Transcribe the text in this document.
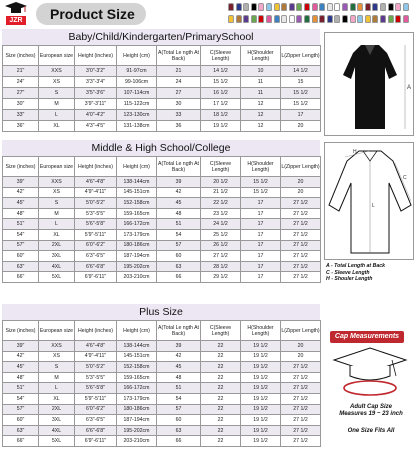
JZR Product Size
Baby/Child/Kindergarten/PrimarySchool
Size (inches)	European size	Height (inches)	Height (cm)	A(Total Le ngth At Back)	C(Sleeve Length)	H(Shoulder Length)	L(Zipper Length)
21"	XXS	3'0"-3'2"	91-97cm	21	14 1/2	10	14 1/2
24"	XS	3'3"-3'4"	99-106cm	24	15 1/2	11	15
27"	S	3'5"-3'6"	107-114cm	27	16 1/2	11	15 1/2
30"	M	3'9"-3'11"	115-122cm	30	17 1/2	12	15 1/2
33"	L	4'0"-4'2"	123-130cm	33	18 1/2	12	17
36"	XL	4'3"-4'5"	131-138cm	36	19 1/2	12	20
Middle & High School/College
Size (inches)	European size	Height (inches)	Height (cm)	A(Total Le ngth At Back)	C(Sleeve Length)	H(Shoulder Length)	L(Zipper Length)
39"	XXS	4'6"-4'8"	138-144cm	39	20 1/2	15 1/2	20
42"	XS	4'9"-4'11"	145-151cm	42	21 1/2	15 1/2	20
45"	S	5'0"-5'2"	152-158cm	45	22 1/2	17	27 1/2
48"	M	5'3"-5'5"	159-165cm	48	23 1/2	17	27 1/2
51"	L	5'6"-5'8"	166-172cm	51	24 1/2	17	27 1/2
54"	XL	5'9"-5'11"	173-179cm	54	25 1/2	17	27 1/2
57"	2XL	6'0"-6'2"	180-186cm	57	26 1/2	17	27 1/2
60"	3XL	6'3"-6'5"	187-194cm	60	27 1/2	17	27 1/2
63"	4XL	6'6"-6'8"	195-202cm	63	28 1/2	17	27 1/2
66"	5XL	6'9"-6'11"	203-210cm	66	29 1/2	17	27 1/2
Plus Size
Size (inches)	European size	Height (inches)	Height (cm)	A(Total Le ngth At Back)	C(Sleeve Length)	H(Shoulder Length)	L(Zipper Length)
39"	XXS	4'6"-4'8"	138-144cm	39	22	19 1/2	20
42"	XS	4'9"-4'11"	145-151cm	42	22	19 1/2	20
45"	S	5'0"-5'2"	152-158cm	45	22	19 1/2	27 1/2
48"	M	5'3"-5'5"	159-165cm	48	22	19 1/2	27 1/2
51"	L	5'6"-5'8"	166-172cm	51	22	19 1/2	27 1/2
54"	XL	5'9"-5'11"	173-179cm	54	22	19 1/2	27 1/2
57"	2XL	6'0"-6'2"	180-186cm	57	22	19 1/2	27 1/2
60"	3XL	6'3"-6'5"	187-194cm	60	22	19 1/2	27 1/2
63"	4XL	6'6"-6'8"	195-202cm	63	22	19 1/2	27 1/2
66"	5XL	6'9"-6'11"	203-210cm	66	22	19 1/2	27 1/2
A
H
C
L
A - Total Length at Back
C - Sleeve Length
H - Shouler Length
Cap Measurements
Adult Cap Size
Measures 19 ~ 23 inch
One Size Fits All
